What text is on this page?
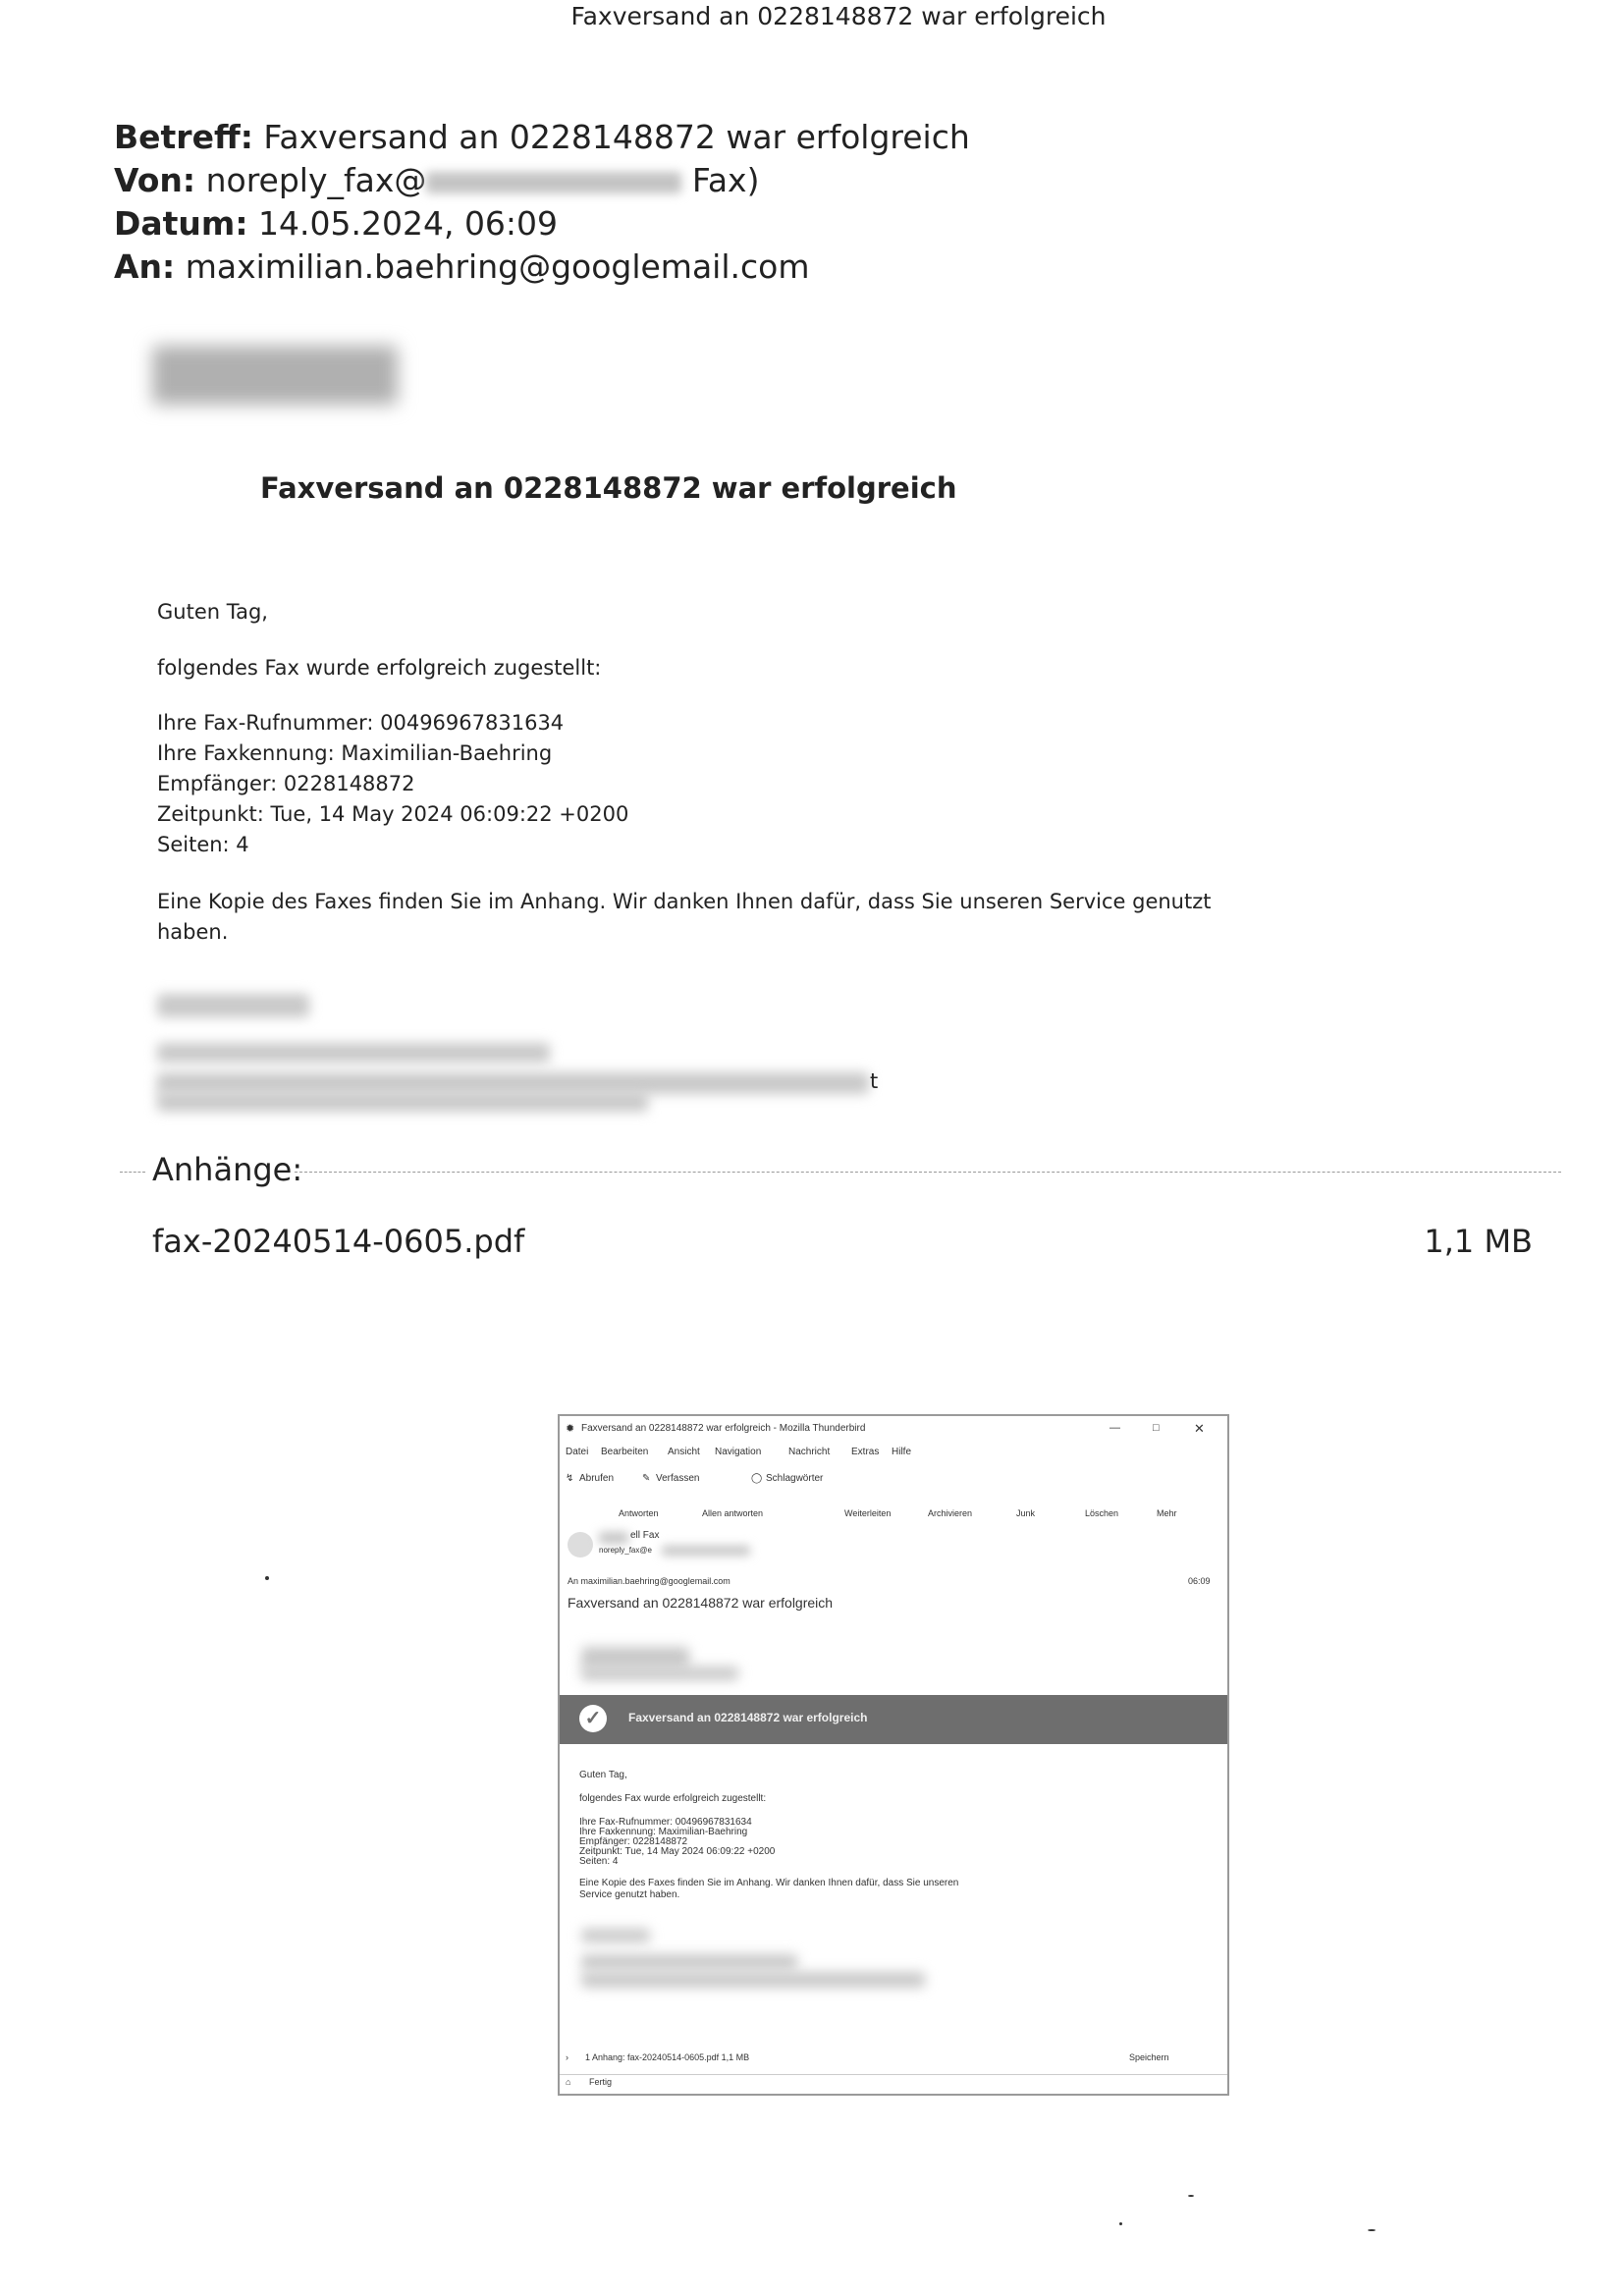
Faxversand an 0228148872 war erfolgreich
Betreff: Faxversand an 0228148872 war erfolgreich
Von: noreply_fax@	Fax)
Datum: 14.05.2024, 06:09
An: maximilian.baehring@googlemail.com
Faxversand an 0228148872 war erfolgreich
Guten Tag,
folgendes Fax wurde erfolgreich zugestellt:
Ihre Fax-Rufnummer: 00496967831634
Ihre Faxkennung: Maximilian-Baehring
Empfänger: 0228148872
Zeitpunkt: Tue, 14 May 2024 06:09:22 +0200
Seiten: 4
Eine Kopie des Faxes finden Sie im Anhang. Wir danken Ihnen dafür, dass Sie unseren Service genutzt
haben.
t
Anhänge:
fax-20240514-0605.pdf	1,1 MB
✹ Faxversand an 0228148872 war erfolgreich - Mozilla Thunderbird	—	□	✕
Datei Bearbeiten Ansicht Navigation	Nachricht Extras Hilfe
↯ Abrufen	✎ Verfassen	◯ Schlagwörter
Antworten	Allen antworten	Weiterleiten	Archivieren	Junk	Löschen	Mehr
ell Fax
noreply_fax@e
An maximilian.baehring@googlemail.com	06:09
Faxversand an 0228148872 war erfolgreich
✓	Faxversand an 0228148872 war erfolgreich
Guten Tag,
folgendes Fax wurde erfolgreich zugestellt:
Ihre Fax-Rufnummer: 00496967831634
Ihre Faxkennung: Maximilian-Baehring
Empfänger: 0228148872
Zeitpunkt: Tue, 14 May 2024 06:09:22 +0200
Seiten: 4
Eine Kopie des Faxes finden Sie im Anhang. Wir danken Ihnen dafür, dass Sie unseren
Service genutzt haben.
› 1 Anhang: fax-20240514-0605.pdf 1,1 MB	Speichern
⌂ Fertig
